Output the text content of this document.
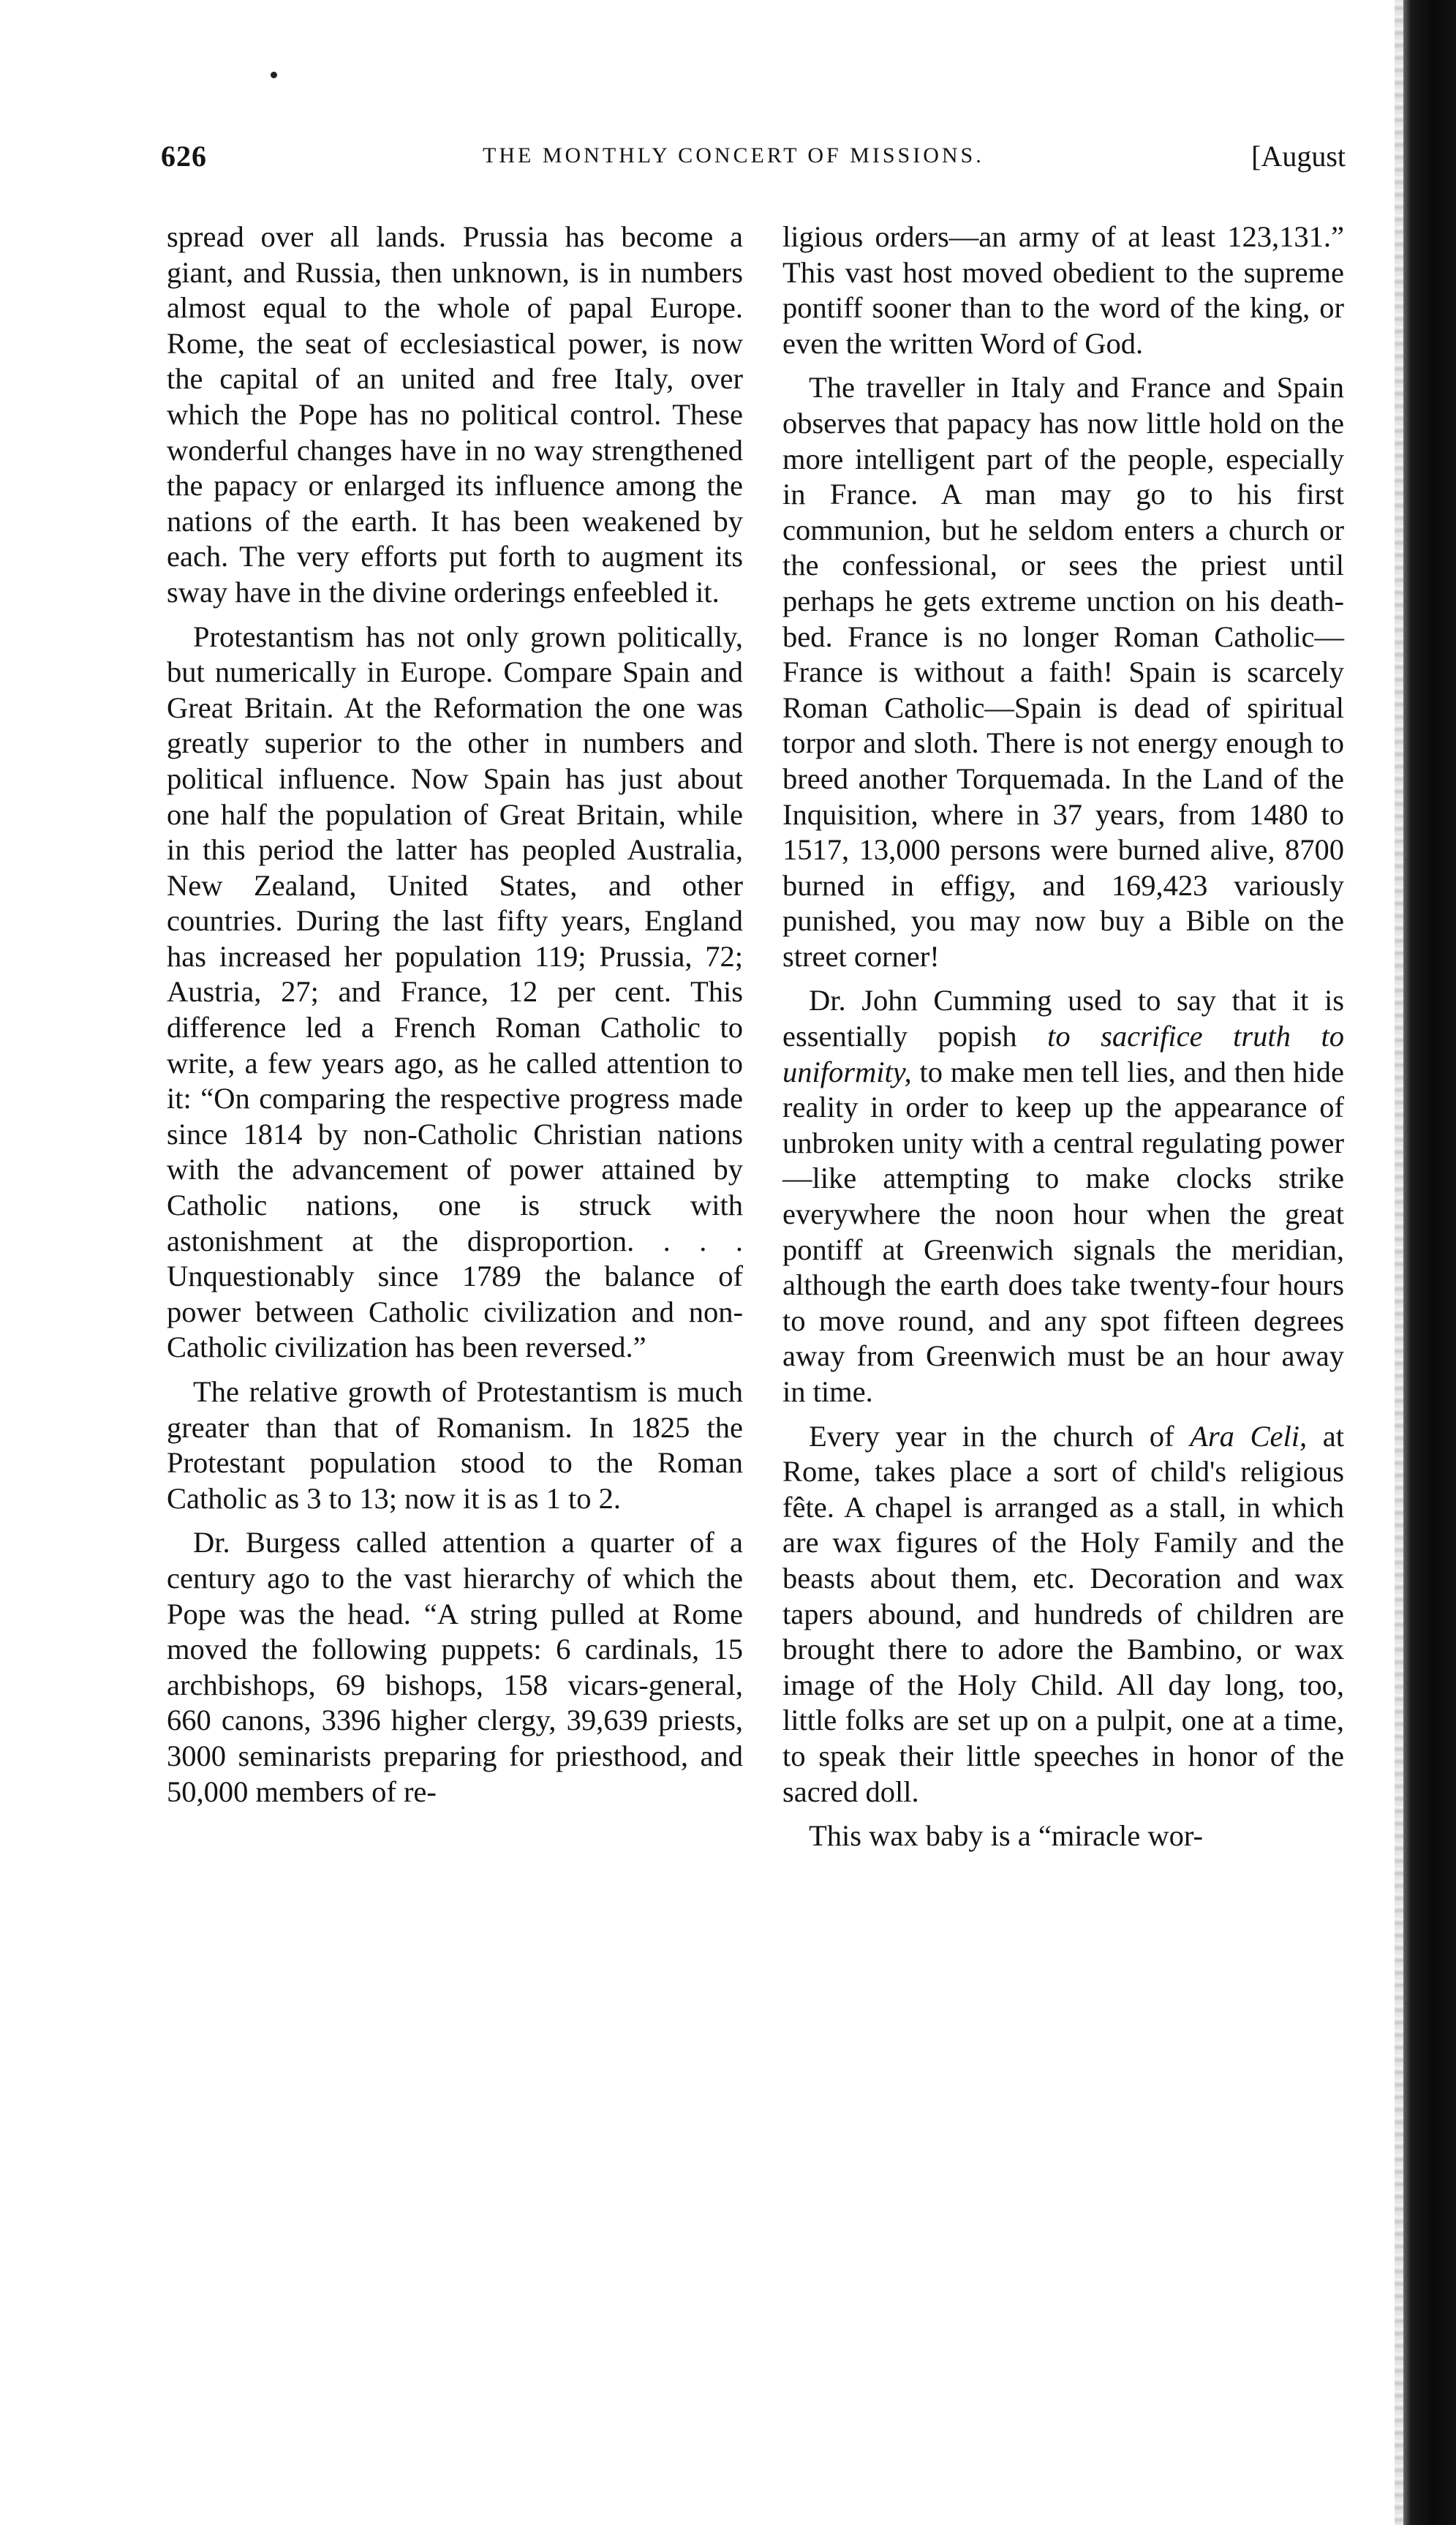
626	THE MONTHLY CONCERT OF MISSIONS.	[August

spread over all lands. Prussia has become a giant, and Russia, then unknown, is in numbers almost equal to the whole of papal Europe. Rome, the seat of ecclesiastical power, is now the capital of an united and free Italy, over which the Pope has no political control. These wonderful changes have in no way strengthened the papacy or enlarged its influence among the nations of the earth. It has been weakened by each. The very efforts put forth to augment its sway have in the divine orderings enfeebled it.

Protestantism has not only grown politically, but numerically in Europe. Compare Spain and Great Britain. At the Reformation the one was greatly superior to the other in numbers and political influence. Now Spain has just about one half the population of Great Britain, while in this period the latter has peopled Australia, New Zealand, United States, and other countries. During the last fifty years, England has increased her population 119; Prussia, 72; Austria, 27; and France, 12 per cent. This difference led a French Roman Catholic to write, a few years ago, as he called attention to it: “On comparing the respective progress made since 1814 by non-Catholic Christian nations with the advancement of power attained by Catholic nations, one is struck with astonishment at the disproportion. . . . Unquestionably since 1789 the balance of power between Catholic civilization and non-Catholic civilization has been reversed.”

The relative growth of Protestantism is much greater than that of Romanism. In 1825 the Protestant population stood to the Roman Catholic as 3 to 13; now it is as 1 to 2.

Dr. Burgess called attention a quarter of a century ago to the vast hierarchy of which the Pope was the head. “A string pulled at Rome moved the following puppets: 6 cardinals, 15 archbishops, 69 bishops, 158 vicars-general, 660 canons, 3396 higher clergy, 39,639 priests, 3000 seminarists preparing for priesthood, and 50,000 members of re-

ligious orders—an army of at least 123,131.” This vast host moved obedient to the supreme pontiff sooner than to the word of the king, or even the written Word of God.

The traveller in Italy and France and Spain observes that papacy has now little hold on the more intelligent part of the people, especially in France. A man may go to his first communion, but he seldom enters a church or the confessional, or sees the priest until perhaps he gets extreme unction on his death-bed. France is no longer Roman Catholic—France is without a faith! Spain is scarcely Roman Catholic—Spain is dead of spiritual torpor and sloth. There is not energy enough to breed another Torquemada. In the Land of the Inquisition, where in 37 years, from 1480 to 1517, 13,000 persons were burned alive, 8700 burned in effigy, and 169,423 variously punished, you may now buy a Bible on the street corner!

Dr. John Cumming used to say that it is essentially popish to sacrifice truth to uniformity, to make men tell lies, and then hide reality in order to keep up the appearance of unbroken unity with a central regulating power—like attempting to make clocks strike everywhere the noon hour when the great pontiff at Greenwich signals the meridian, although the earth does take twenty-four hours to move round, and any spot fifteen degrees away from Greenwich must be an hour away in time.

Every year in the church of Ara Celi, at Rome, takes place a sort of child's religious fête. A chapel is arranged as a stall, in which are wax figures of the Holy Family and the beasts about them, etc. Decoration and wax tapers abound, and hundreds of children are brought there to adore the Bambino, or wax image of the Holy Child. All day long, too, little folks are set up on a pulpit, one at a time, to speak their little speeches in honor of the sacred doll.

This wax baby is a “miracle wor-
